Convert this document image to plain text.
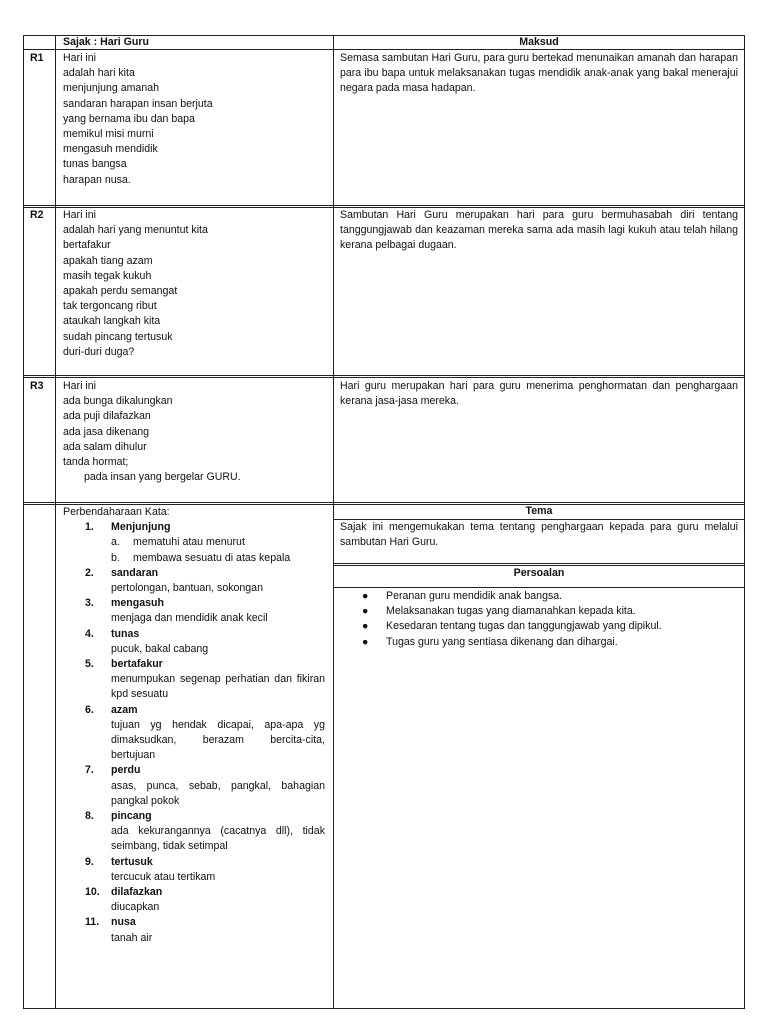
Sajak : Hari Guru	Maksud
R1 Hari ini
adalah hari kita
menjunjung amanah
sandaran harapan insan berjuta
yang bernama ibu dan bapa
memikul misi murni
mengasuh mendidik
tunas bangsa
harapan nusa.
Semasa sambutan Hari Guru, para guru bertekad menunaikan amanah dan harapan para ibu bapa untuk melaksanakan tugas mendidik anak-anak yang bakal menerajui negara pada masa hadapan.
R2 Hari ini
adalah hari yang menuntut kita
bertafakur
apakah tiang azam
masih tegak kukuh
apakah perdu semangat
tak tergoncang ribut
ataukah langkah kita
sudah pincang tertusuk
duri-duri duga?
Sambutan Hari Guru merupakan hari para guru bermuhasabah diri tentang tanggungjawab dan keazaman mereka sama ada masih lagi kukuh atau telah hilang kerana pelbagai dugaan.
R3 Hari ini
ada bunga dikalungkan
ada puji dilafazkan
ada jasa dikenang
ada salam dihulur
tanda hormat;
pada insan yang bergelar GURU.
Hari guru merupakan hari para guru menerima penghormatan dan penghargaan kerana jasa-jasa mereka.
Perbendaharaan Kata:
1. Menjunjung
a. mematuhi atau menurut
b. membawa sesuatu di atas kepala
2. sandaran
pertolongan, bantuan, sokongan
3. mengasuh
menjaga dan mendidik anak kecil
4. tunas
pucuk, bakal cabang
5. bertafakur
menumpukan segenap perhatian dan fikiran kpd sesuatu
6. azam
tujuan yg hendak dicapai, apa-apa yg dimaksudkan, berazam bercita-cita, bertujuan
7. perdu
asas, punca, sebab, pangkal, bahagian pangkal pokok
8. pincang
ada kekurangannya (cacatnya dll), tidak seimbang, tidak setimpal
9. tertusuk
tercucuk atau tertikam
10. dilafazkan
diucapkan
11. nusa
tanah air
Tema
Sajak ini mengemukakan tema tentang penghargaan kepada para guru melalui sambutan Hari Guru.
Persoalan
● Peranan guru mendidik anak bangsa.
● Melaksanakan tugas yang diamanahkan kepada kita.
● Kesedaran tentang tugas dan tanggungjawab yang dipikul.
● Tugas guru yang sentiasa dikenang dan dihargai.
